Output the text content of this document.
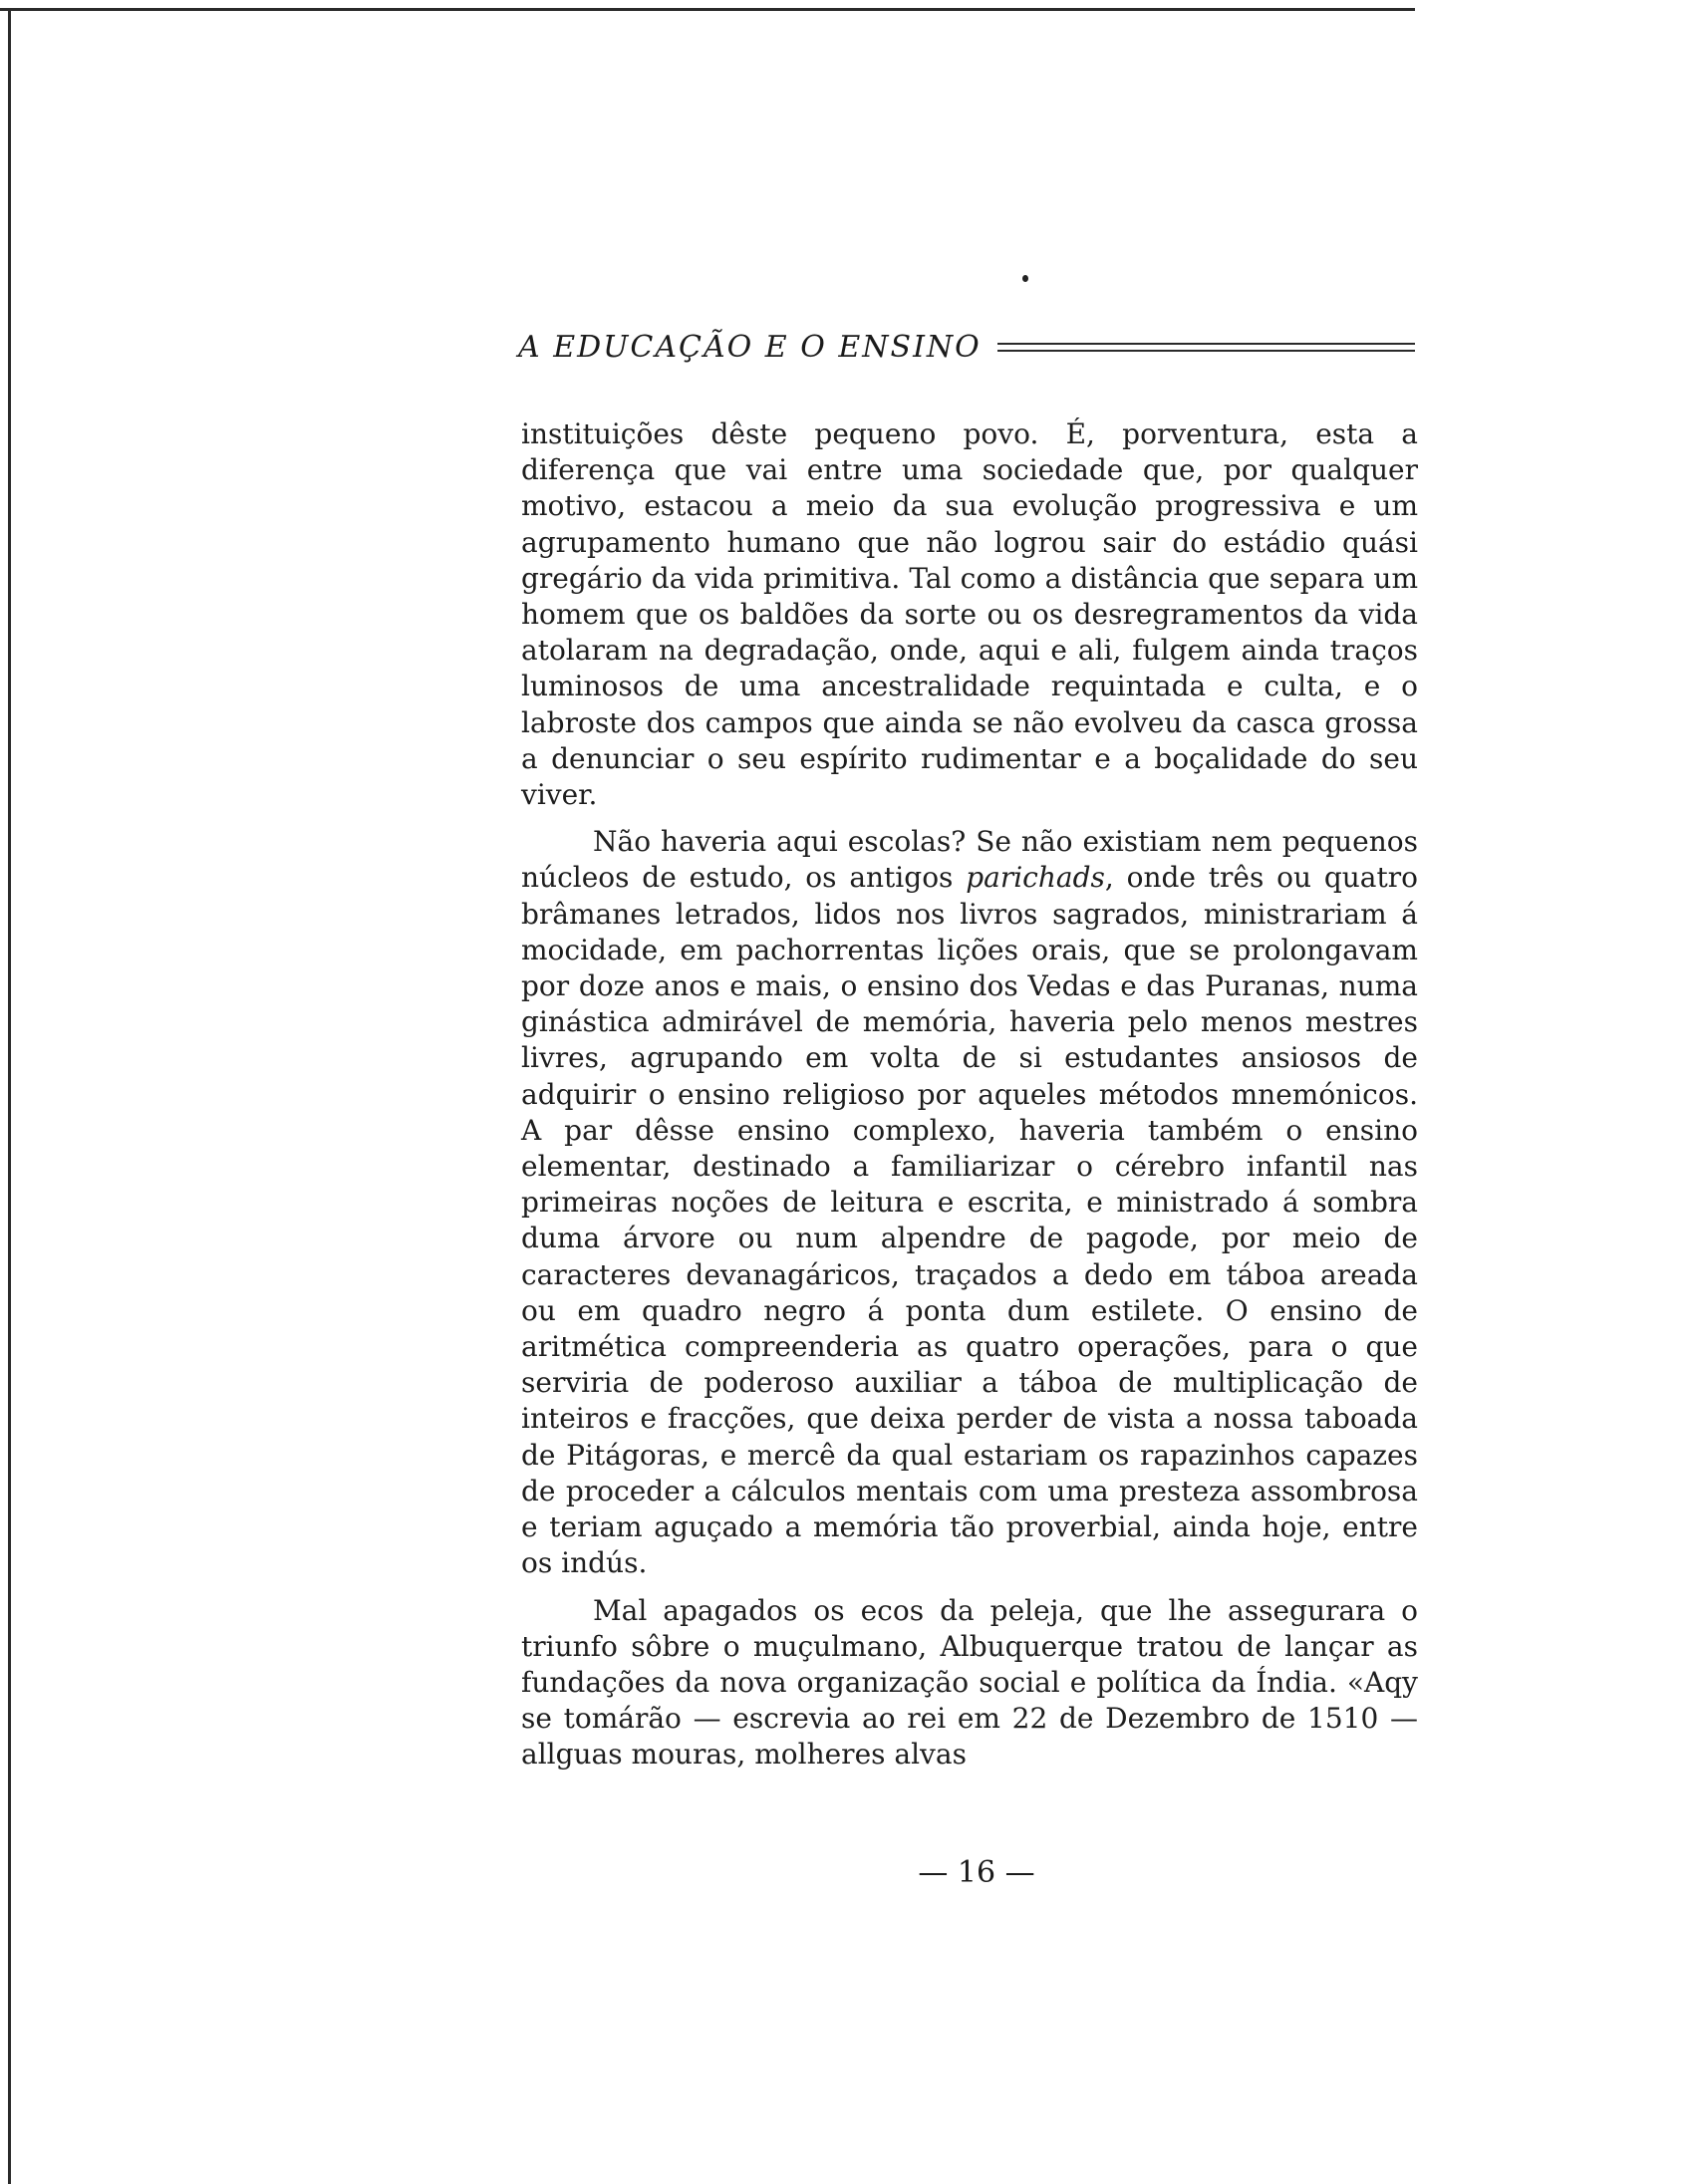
A EDUCAÇÃO E O ENSINO

instituições dêste pequeno povo. É, porventura, esta a diferença que vai entre uma sociedade que, por qualquer motivo, estacou a meio da sua evolução progressiva e um agrupamento humano que não logrou sair do estádio quási gregário da vida primitiva. Tal como a distância que separa um homem que os baldões da sorte ou os desregramentos da vida atolaram na degradação, onde, aqui e ali, fulgem ainda traços luminosos de uma ancestralidade requintada e culta, e o labroste dos campos que ainda se não evolveu da casca grossa a denunciar o seu espírito rudimentar e a boçalidade do seu viver.

Não haveria aqui escolas? Se não existiam nem pequenos núcleos de estudo, os antigos parichads, onde três ou quatro brâmanes letrados, lidos nos livros sagrados, ministrariam á mocidade, em pachorrentas lições orais, que se prolongavam por doze anos e mais, o ensino dos Vedas e das Puranas, numa ginástica admirável de memória, haveria pelo menos mestres livres, agrupando em volta de si estudantes ansiosos de adquirir o ensino religioso por aqueles métodos mnemónicos. A par dêsse ensino complexo, haveria também o ensino elementar, destinado a familiarizar o cérebro infantil nas primeiras noções de leitura e escrita, e ministrado á sombra duma árvore ou num alpendre de pagode, por meio de caracteres devanagáricos, traçados a dedo em táboa areada ou em quadro negro á ponta dum estilete. O ensino de aritmética compreenderia as quatro operações, para o que serviria de poderoso auxiliar a táboa de multiplicação de inteiros e fracções, que deixa perder de vista a nossa taboada de Pitágoras, e mercê da qual estariam os rapazinhos capazes de proceder a cálculos mentais com uma presteza assombrosa e teriam aguçado a memória tão proverbial, ainda hoje, entre os indús.

Mal apagados os ecos da peleja, que lhe assegurara o triunfo sôbre o muçulmano, Albuquerque tratou de lançar as fundações da nova organização social e política da Índia. «Aqy se tomárão — escrevia ao rei em 22 de Dezembro de 1510 — allguas mouras, molheres alvas

— 16 —
